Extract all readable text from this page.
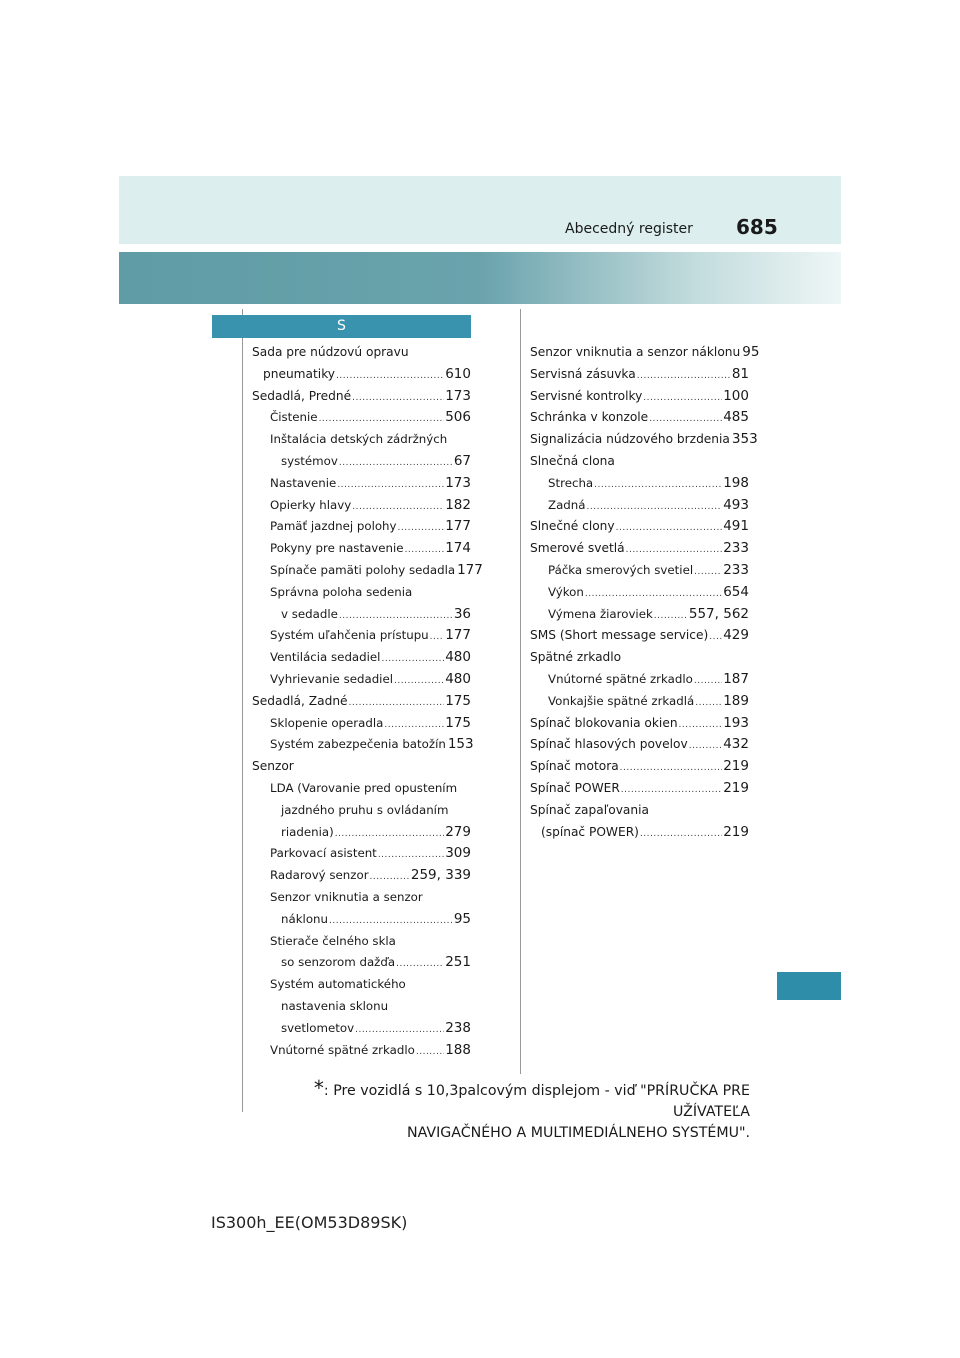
Abecedný register 685
S
Sada pre núdzovú opravu
pneumatiky .....	610
Sedadlá, Predné .....	173
Čistenie .....	506
Inštalácia detských zádržných
systémov .....	67
Nastavenie .....	173
Opierky hlavy .....	182
Pamäť jazdnej polohy .....	177
Pokyny pre nastavenie .....	174
Spínače pamäti polohy sedadla 177
Správna poloha sedenia
v sedadle .....	36
Systém uľahčenia prístupu ..... 177
Ventilácia sedadiel .....	480
Vyhrievanie sedadiel .....	480
Sedadlá, Zadné .....	175
Sklopenie operadla .....	175
Systém zabezpečenia batožín 153
Senzor
LDA (Varovanie pred opustením
jazdného pruhu s ovládaním
riadenia) .....	279
Parkovací asistent .....	309
Radarový senzor .....	259, 339
Senzor vniknutia a senzor
náklonu .....	95
Stierače čelného skla
so senzorom dažďa .....	251
Systém automatického
nastavenia sklonu
svetlometov .....	238
Vnútorné spätné zrkadlo ..... 188
Senzor vniknutia a senzor náklonu 95
Servisná zásuvka .....	81
Servisné kontrolky .....	100
Schránka v konzole .....	485
Signalizácia núdzového brzdenia 353
Slnečná clona
Strecha .....	198
Zadná .....	493
Slnečné clony .....	491
Smerové svetlá .....	233
Páčka smerových svetiel ..... 233
Výkon .....	654
Výmena žiaroviek .....	557, 562
SMS (Short message service) ..... 429
Spätné zrkadlo
Vnútorné spätné zrkadlo ..... 187
Vonkajšie spätné zrkadlá ..... 189
Spínač blokovania okien .....	193
Spínač hlasových povelov .....	432
Spínač motora .....	219
Spínač POWER .....	219
Spínač zapaľovania
(spínač POWER) .....	219
*: Pre vozidlá s 10,3palcovým displejom - viď "PRÍRUČKA PRE UŽÍVATEĽA
NAVIGAČNÉHO A MULTIMEDIÁLNEHO SYSTÉMU".
IS300h_EE(OM53D89SK)
